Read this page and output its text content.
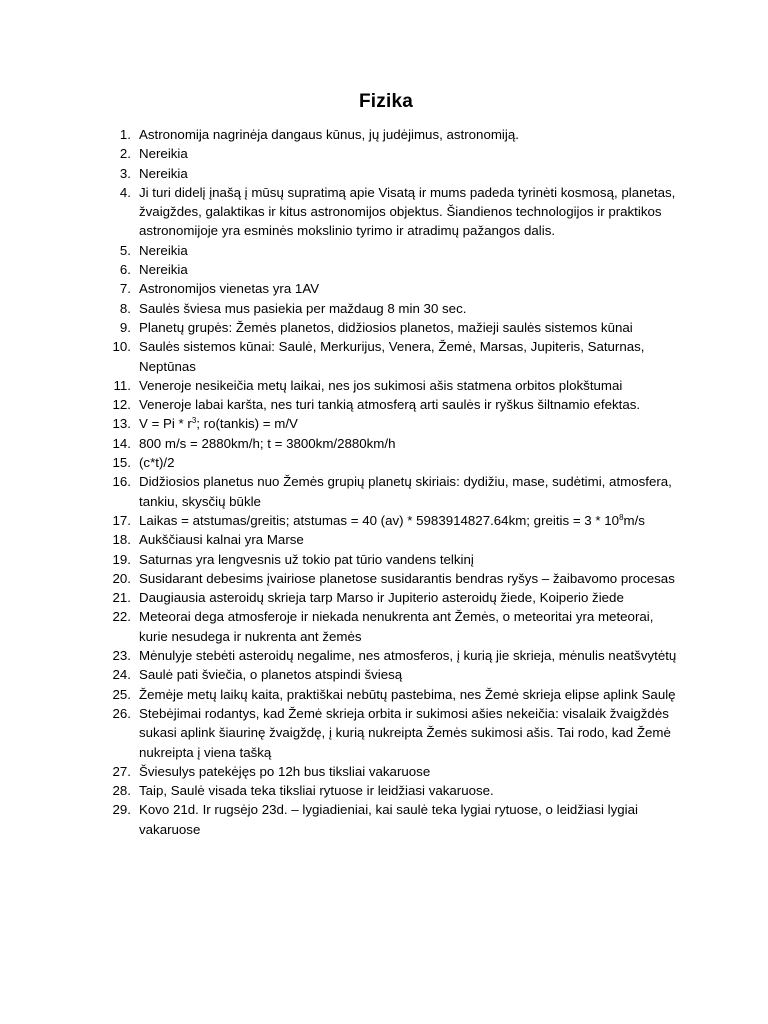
Fizika
1. Astronomija nagrinėja dangaus kūnus, jų judėjimus, astronomiją.
2. Nereikia
3. Nereikia
4. Ji turi didelį įnašą į mūsų supratimą apie Visatą ir mums padeda tyrinėti kosmosą, planetas, žvaigždes, galaktikas ir kitus astronomijos objektus. Šiandienos technologijos ir praktikos astronomijoje yra esminės mokslinio tyrimo ir atradimų pažangos dalis.
5. Nereikia
6. Nereikia
7. Astronomijos vienetas yra 1AV
8. Saulės šviesa mus pasiekia per maždaug 8 min 30 sec.
9. Planetų grupės: Žemės planetos, didžiosios planetos, mažieji saulės sistemos kūnai
10. Saulės sistemos kūnai: Saulė, Merkurijus, Venera, Žemė, Marsas, Jupiteris, Saturnas, Neptūnas
11. Veneroje nesikeičia metų laikai, nes jos sukimosi ašis statmena orbitos plokštumai
12. Veneroje labai karšta, nes turi tankią atmosferą arti saulės ir ryškus šiltnamio efektas.
13. $V = Pi * r^3$; ro(tankis) = m/V
14. 800 m/s = 2880km/h; t = 3800km/2880km/h
15. (c*t)/2
16. Didžiosios planetus nuo Žemės grupių planetų skiriais: dydižiu, mase, sudėtimi, atmosfera, tankiu, skysčių būkle
17. Laikas = atstumas/greitis; atstumas = 40 (av) * 5983914827.64km; greitis = $3 * 10^8m/s$
18. Aukščiausi kalnai yra Marse
19. Saturnas yra lengvesnis už tokio pat tūrio vandens telkinį
20. Susidarant debesims įvairiose planetose susidarantis bendras ryšys – žaibavomo procesas
21. Daugiausia asteroidų skrieja tarp Marso ir Jupiterio asteroidų žiede, Koiperio žiede
22. Meteorai dega atmosferoje ir niekada nenukrenta ant Žemės, o meteoritai yra meteorai, kurie nesudega ir nukrenta ant žemės
23. Mėnulyje stebėti asteroidų negalime, nes atmosferos, į kurią jie skrieja, mėnulis neatšvytėtų
24. Saulė pati šviečia, o planetos atspindi šviesą
25. Žemėje metų laikų kaita, praktiškai nebūtų pastebima, nes Žemė skrieja elipse aplink Saulę
26. Stebėjimai rodantys, kad Žemė skrieja orbita ir sukimosi ašies nekeičia: visalaik žvaigždės sukasi aplink šiaurinę žvaigždę, į kurią nukreipta Žemės sukimosi ašis. Tai rodo, kad Žemė nukreipta į viena tašką
27. Šviesulys patekėjęs po 12h bus tiksliai vakaruose
28. Taip, Saulė visada teka tiksliai rytuose ir leidžiasi vakaruose.
29. Kovo 21d. Ir rugsėjo 23d. – lygiadieniai, kai saulė teka lygiai rytuose, o leidžiasi lygiai vakaruose
